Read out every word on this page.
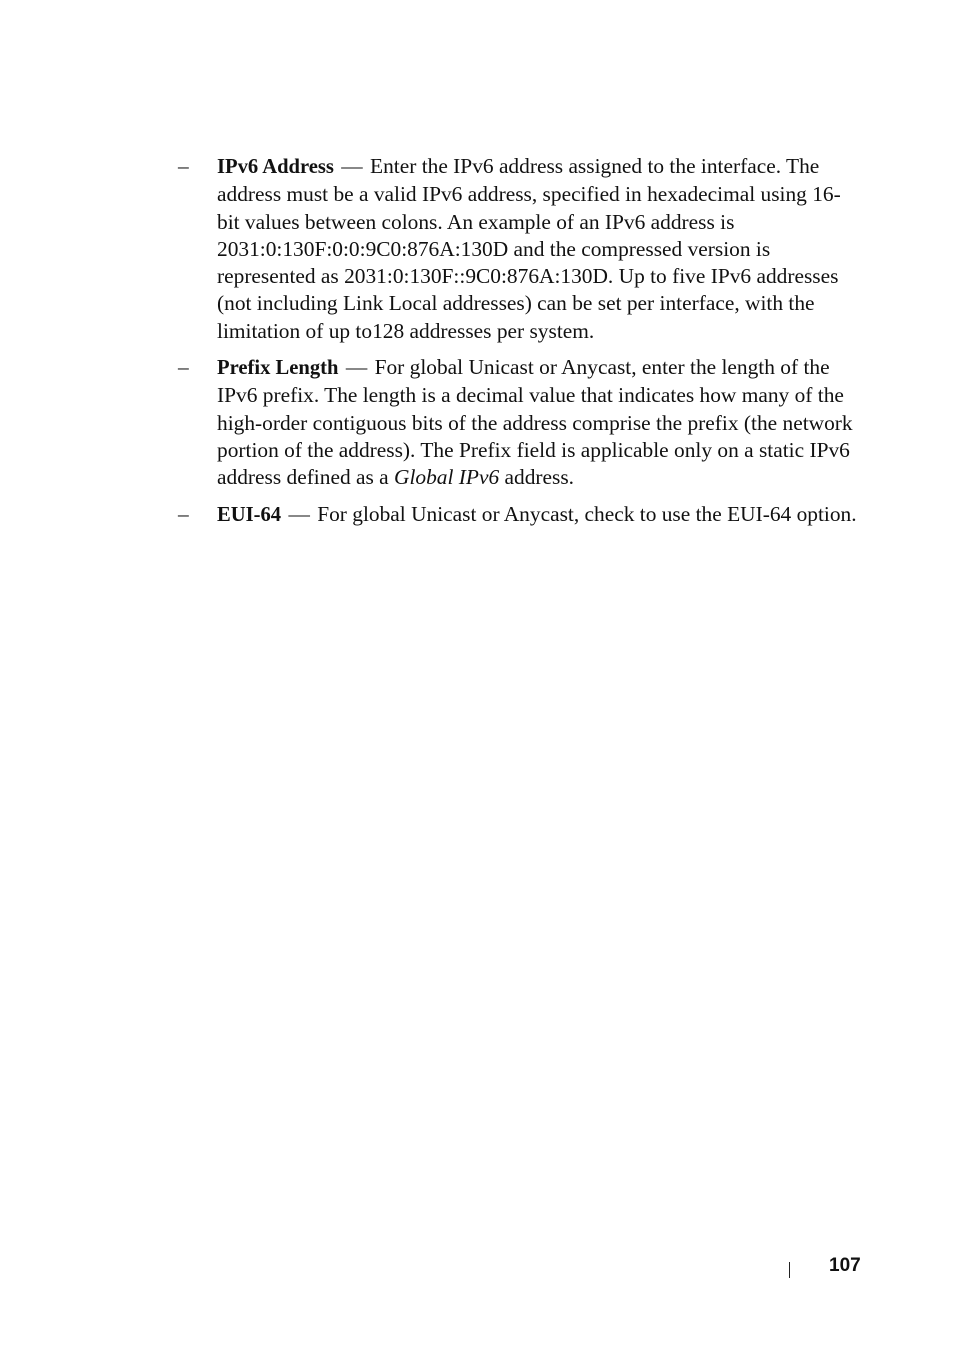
– IPv6 Address — Enter the IPv6 address assigned to the interface. The address must be a valid IPv6 address, specified in hexadecimal using 16-bit values between colons. An example of an IPv6 address is 2031:0:130F:0:0:9C0:876A:130D and the compressed version is represented as 2031:0:130F::9C0:876A:130D. Up to five IPv6 addresses (not including Link Local addresses) can be set per interface, with the limitation of up to128 addresses per system.
– Prefix Length — For global Unicast or Anycast, enter the length of the IPv6 prefix. The length is a decimal value that indicates how many of the high-order contiguous bits of the address comprise the prefix (the network portion of the address). The Prefix field is applicable only on a static IPv6 address defined as a Global IPv6 address.
– EUI-64 — For global Unicast or Anycast, check to use the EUI-64 option.
107
